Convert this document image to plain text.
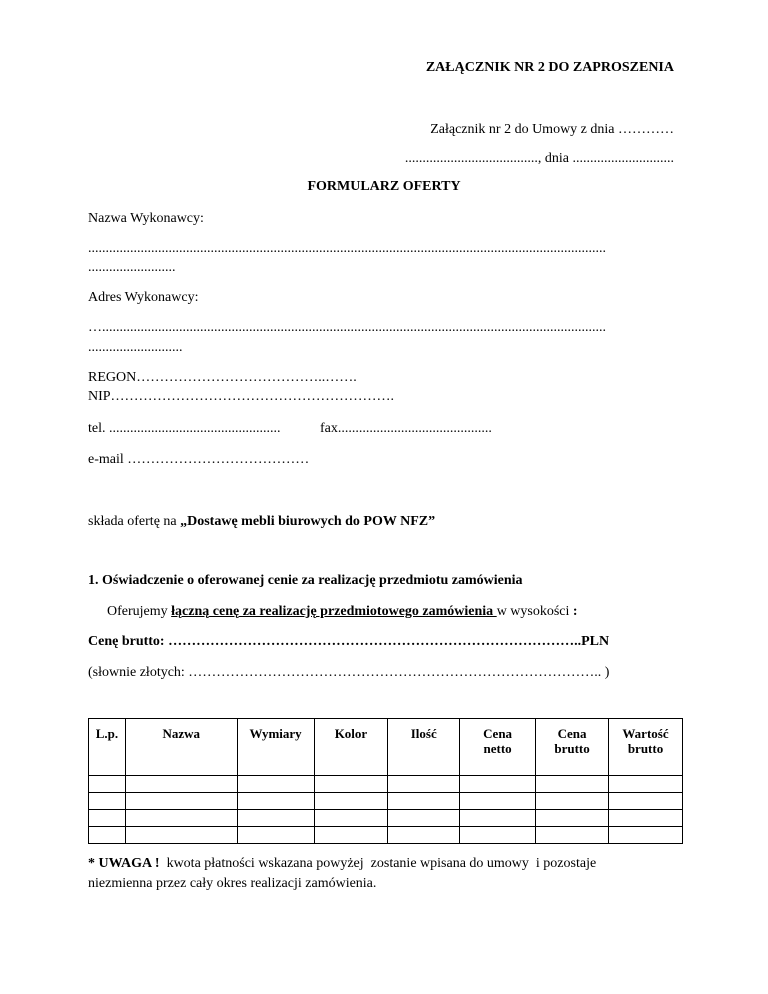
ZAŁĄCZNIK NR 2 DO ZAPROSZENIA
Załącznik nr 2 do Umowy z dnia …………
......................................, dnia .............................
FORMULARZ OFERTY
Nazwa Wykonawcy:
....................................................................................................................................................
.........................
Adres Wykonawcy:
…................................................................................................................................................
...........................
REGON…………………………………..…….
NIP…………………………………………………….
tel. .................................................	fax............................................
e-mail …………………………………
składa ofertę na „Dostawę mebli biurowych do POW NFZ”
1. Oświadczenie o oferowanej cenie za realizację przedmiotu zamówienia
Oferujemy łączną cenę za realizację przedmiotowego zamówienia w wysokości :
Cenę brutto: ……………………………………………………………………………..PLN
(słownie złotych: …………………………………………………………………………….. )
L.p.	Nazwa	Wymiary	Kolor	Ilość	Cena netto	Cena brutto	Wartość brutto

* UWAGA !  kwota płatności wskazana powyżej  zostanie wpisana do umowy  i pozostaje
niezmienna przez cały okres realizacji zamówienia.
